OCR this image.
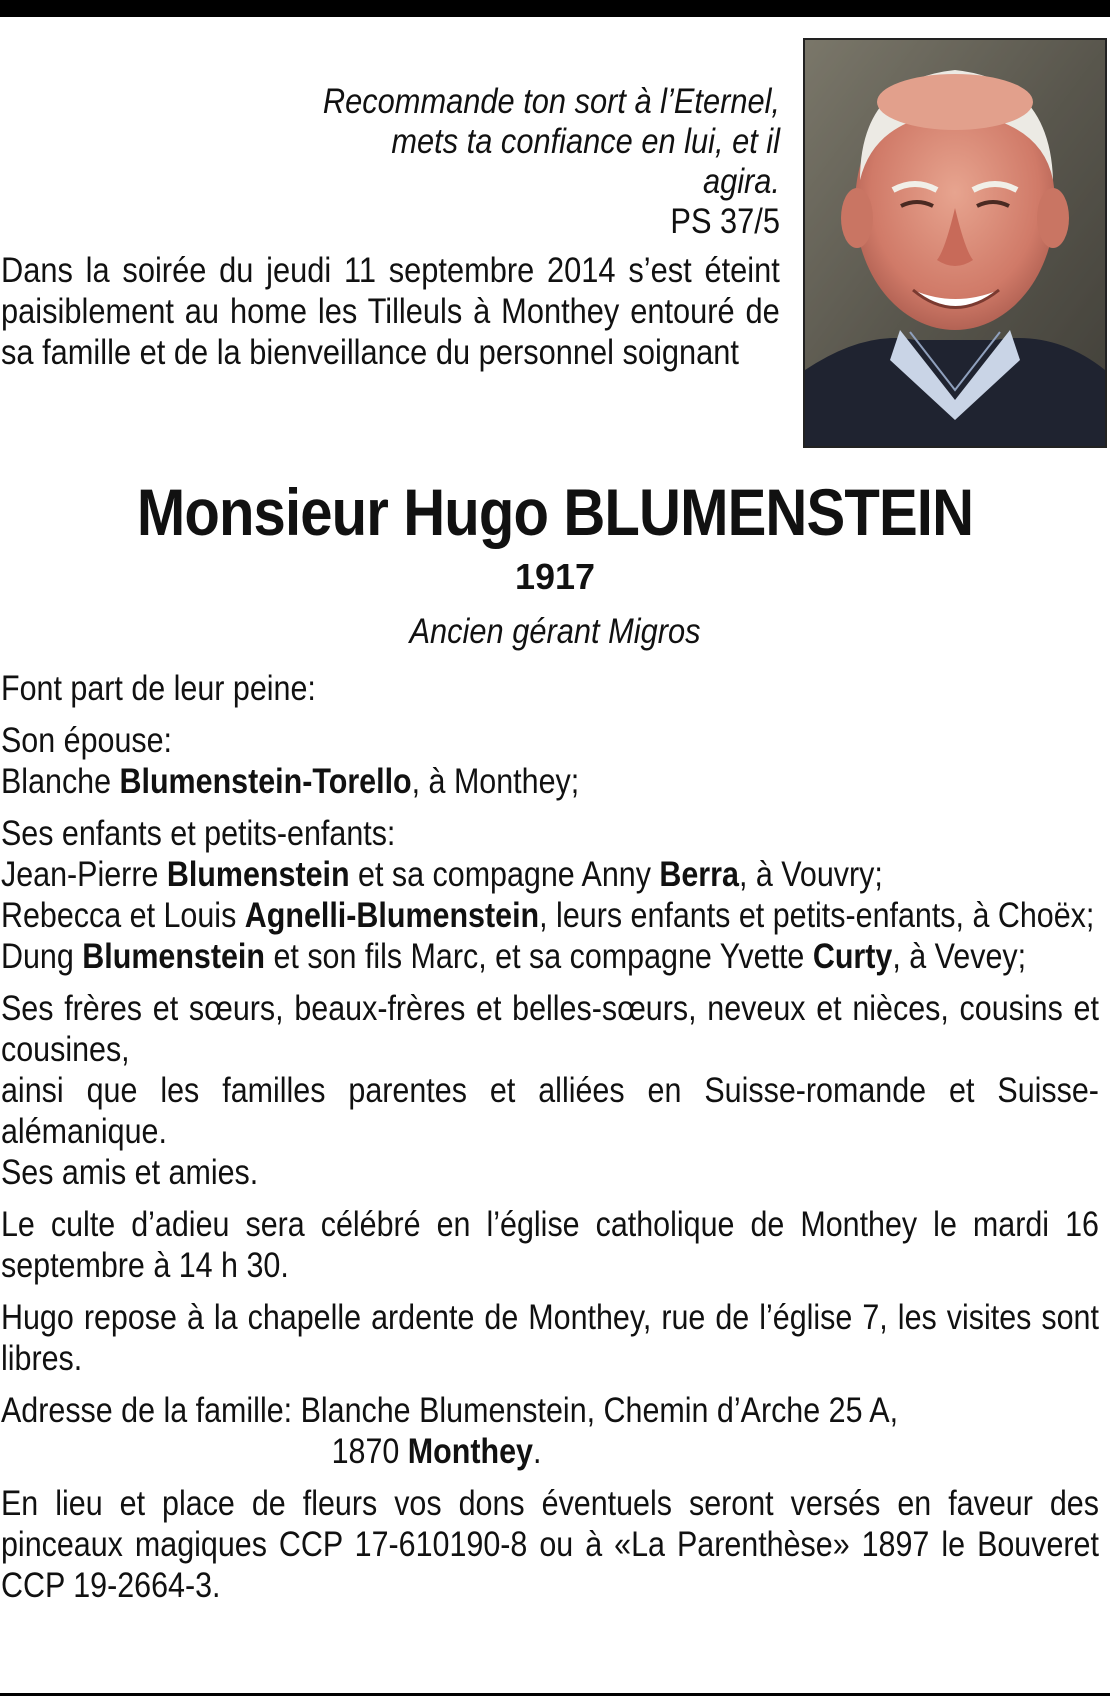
Recommande ton sort à l’Eternel,
mets ta confiance en lui, et il agira.
PS 37/5
Dans la soirée du jeudi 11 septembre 2014 s’est éteint paisiblement au home les Tilleuls à Monthey entouré de sa famille et de la bienveillance du personnel soignant
Monsieur Hugo BLUMENSTEIN
1917
Ancien gérant Migros

Font part de leur peine:

Son épouse:
Blanche Blumenstein-Torello, à Monthey;

Ses enfants et petits-enfants:
Jean-Pierre Blumenstein et sa compagne Anny Berra, à Vouvry;
Rebecca et Louis Agnelli-Blumenstein, leurs enfants et petits-enfants, à Choëx;
Dung Blumenstein et son fils Marc, et sa compagne Yvette Curty, à Vevey;

Ses frères et sœurs, beaux-frères et belles-sœurs, neveux et nièces, cousins et cousines,
ainsi que les familles parentes et alliées en Suisse-romande et Suisse-alémanique.
Ses amis et amies.

Le culte d’adieu sera célébré en l’église catholique de Monthey le mardi 16 septembre à 14 h 30.

Hugo repose à la chapelle ardente de Monthey, rue de l’église 7, les visites sont libres.

Adresse de la famille: Blanche Blumenstein, Chemin d’Arche 25 A,
1870 Monthey.

En lieu et place de fleurs vos dons éventuels seront versés en faveur des pinceaux magiques CCP 17-610190-8 ou à «La Parenthèse» 1897 le Bouveret CCP 19-2664-3.
